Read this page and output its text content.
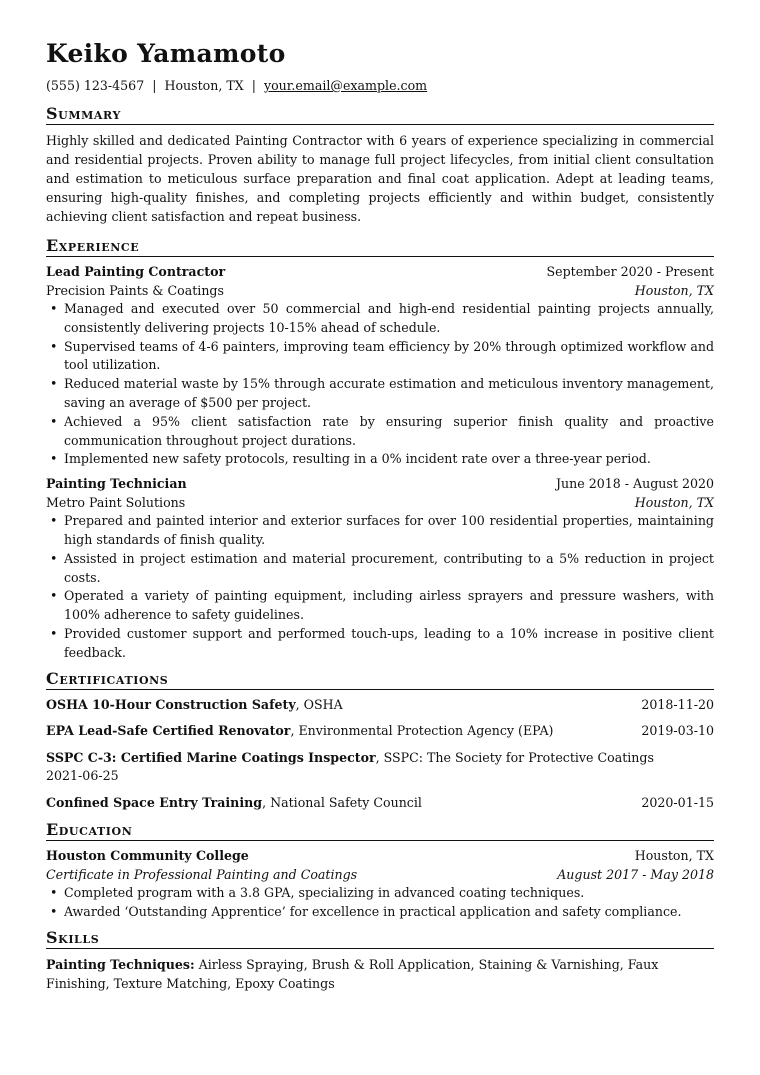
Keiko Yamamoto
(555) 123-4567 | Houston, TX | your.email@example.com
Summary
Highly skilled and dedicated Painting Contractor with 6 years of experience specializing in commercial and residential projects. Proven ability to manage full project lifecycles, from initial client consultation and estimation to meticulous surface preparation and final coat application. Adept at leading teams, ensuring high-quality finishes, and completing projects efficiently and within budget, consistently achieving client satisfaction and repeat business.
Experience
Lead Painting Contractor	September 2020 - Present
Precision Paints & Coatings	Houston, TX
• Managed and executed over 50 commercial and high-end residential painting projects annually, consistently delivering projects 10-15% ahead of schedule.
• Supervised teams of 4-6 painters, improving team efficiency by 20% through optimized workflow and tool utilization.
• Reduced material waste by 15% through accurate estimation and meticulous inventory management, saving an average of $500 per project.
• Achieved a 95% client satisfaction rate by ensuring superior finish quality and proactive communication throughout project durations.
• Implemented new safety protocols, resulting in a 0% incident rate over a three-year period.
Painting Technician	June 2018 - August 2020
Metro Paint Solutions	Houston, TX
• Prepared and painted interior and exterior surfaces for over 100 residential properties, maintaining high standards of finish quality.
• Assisted in project estimation and material procurement, contributing to a 5% reduction in project costs.
• Operated a variety of painting equipment, including airless sprayers and pressure washers, with 100% adherence to safety guidelines.
• Provided customer support and performed touch-ups, leading to a 10% increase in positive client feedback.
Certifications
OSHA 10-Hour Construction Safety, OSHA	2018-11-20
EPA Lead-Safe Certified Renovator, Environmental Protection Agency (EPA)	2019-03-10
SSPC C-3: Certified Marine Coatings Inspector, SSPC: The Society for Protective Coatings
2021-06-25
Confined Space Entry Training, National Safety Council	2020-01-15
Education
Houston Community College	Houston, TX
Certificate in Professional Painting and Coatings	August 2017 - May 2018
• Completed program with a 3.8 GPA, specializing in advanced coating techniques.
• Awarded ‘Outstanding Apprentice’ for excellence in practical application and safety compliance.
Skills
Painting Techniques: Airless Spraying, Brush & Roll Application, Staining & Varnishing, Faux Finishing, Texture Matching, Epoxy Coatings
